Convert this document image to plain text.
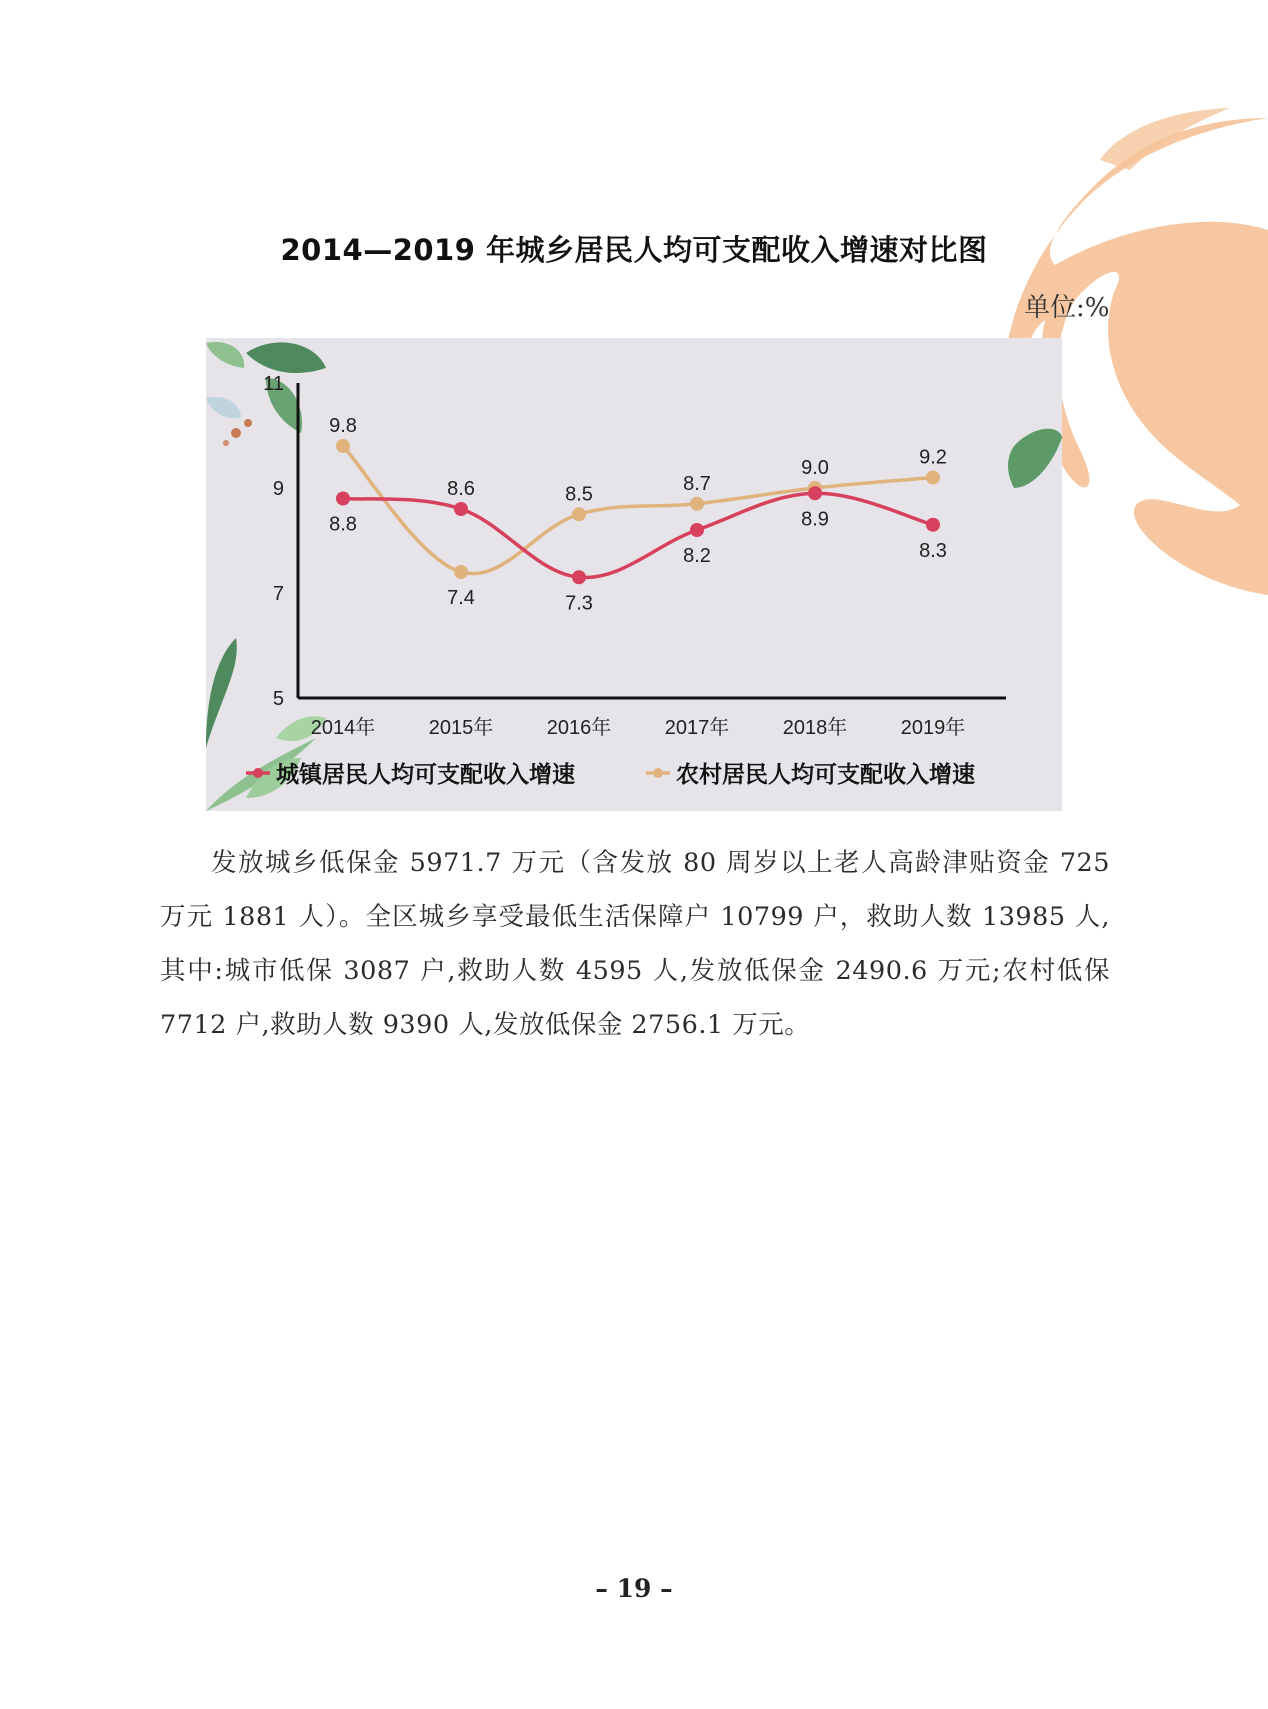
2014—2019 年城乡居民人均可支配收入增速对比图
单位:%
5
7
9
11
2014年	2015年	2016年	2017年	2018年	2019年
8.8
8.6
7.3
8.2
8.9
8.3
9.8
7.4
8.5	8.7
9.0	9.2
城镇居民人均可支配收入增速	农村居民人均可支配收入增速

发放城乡低保金 5971.7 万元（含发放 80 周岁以上老人高龄津贴资金 725 万元 1881 人）。全区城乡享受最低生活保障户 10799 户，救助人数 13985 人,其中:城市低保 3087 户,救助人数 4595 人,发放低保金 2490.6 万元;农村低保 7712 户,救助人数 9390 人,发放低保金 2756.1 万元。

– 19 –
